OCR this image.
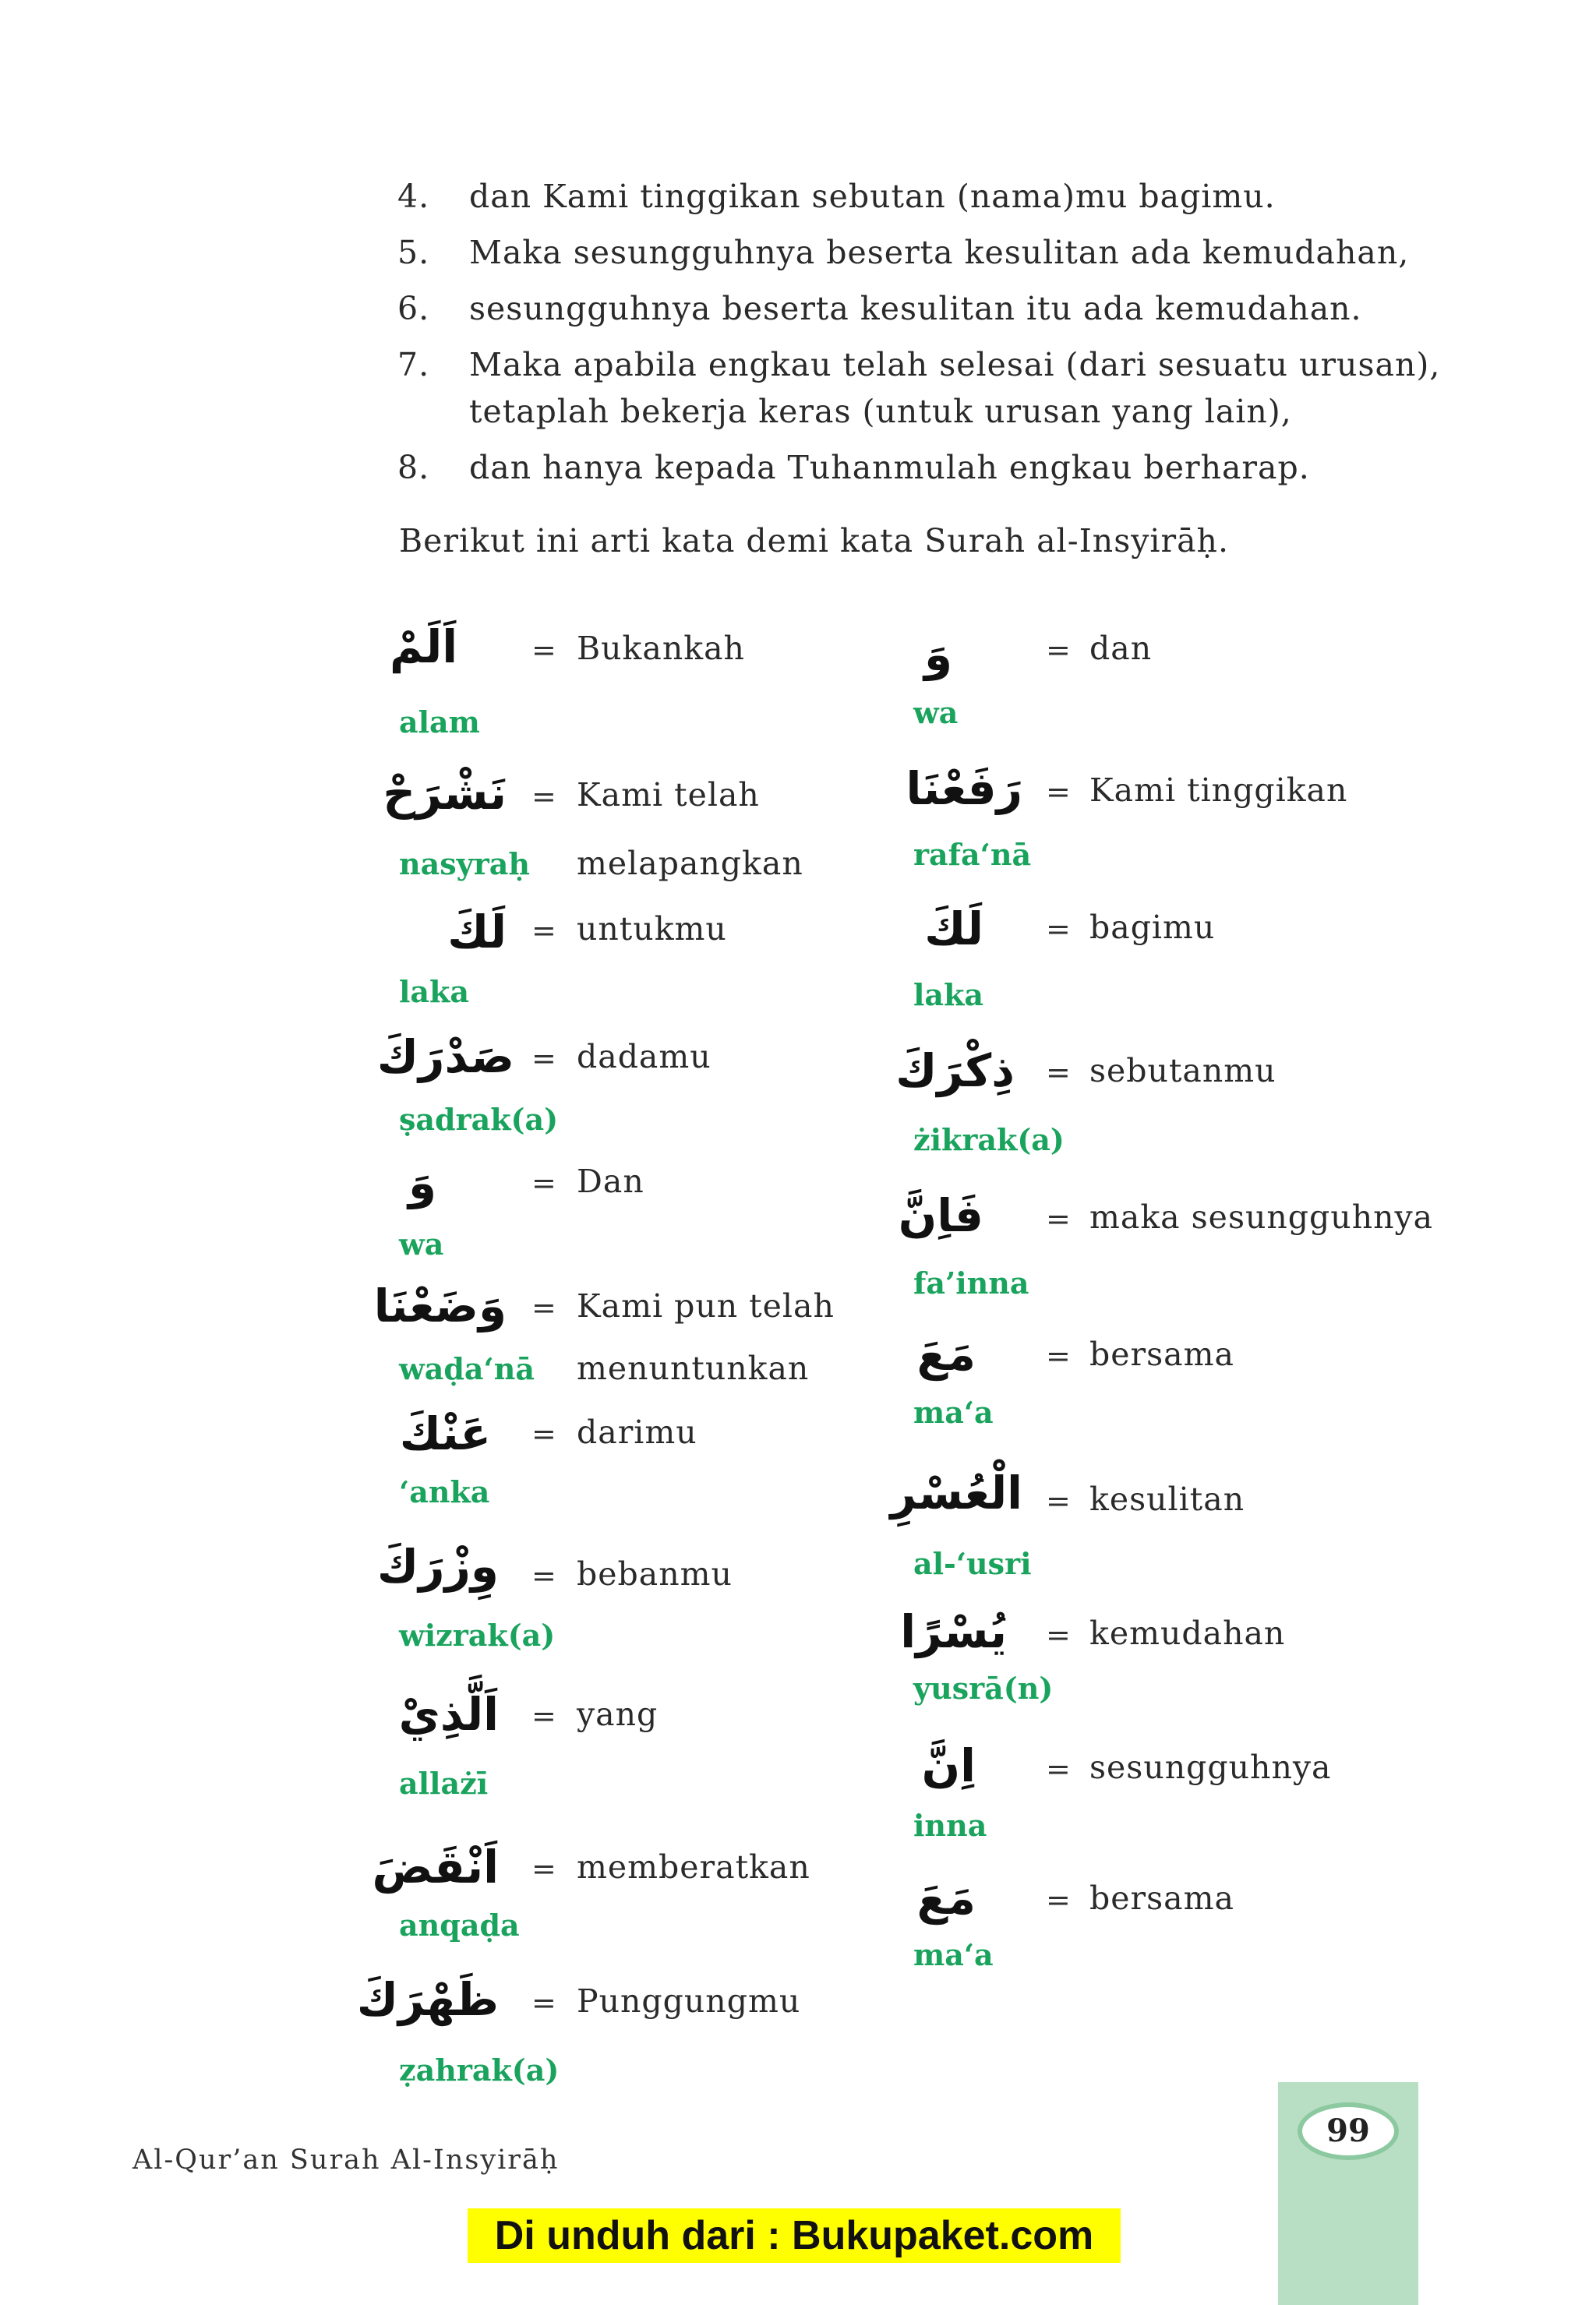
4.	dan Kami tinggikan sebutan (nama)mu bagimu.
5.	Maka sesungguhnya beserta kesulitan ada kemudahan,
6.	sesungguhnya beserta kesulitan itu ada kemudahan.
7.	Maka apabila engkau telah selesai (dari sesuatu urusan),
tetaplah bekerja keras (untuk urusan yang lain),
8.	dan hanya kepada Tuhanmulah engkau berharap.
Berikut ini arti kata demi kata Surah al-Insyirāḥ.
اَلَمْ	= Bukankah
alam
نَشْرَحْ = Kami telah
melapangkan
nasyraḥ
لَكَ = untukmu
laka
صَدْرَكَ = dadamu
ṣadrak(a)
وَ	= Dan
wa
وَضَعْنَا = Kami pun telah
menuntunkan
waḍa‘nā
عَنْكَ = darimu
‘anka
وِزْرَكَ = bebanmu
wizrak(a)
اَلَّذِيْ = yang
allażī
اَنْقَضَ = memberatkan
anqaḍa
ظَهْرَكَ = Punggungmu
ẓahrak(a)
وَ	= dan
wa
رَفَعْنَا = Kami tinggikan
rafa‘nā
لَكَ = bagimu
laka
ذِكْرَكَ = sebutanmu
żikrak(a)
فَاِنَّ = maka sesungguhnya
fa’inna
مَعَ = bersama
ma‘a
الْعُسْرِ = kesulitan
al-‘usri
يُسْرًا = kemudahan
yusrā(n)
اِنَّ = sesungguhnya
inna
مَعَ = bersama
ma‘a
99
Al-Qur’an Surah Al-Insyirāḥ
Di unduh dari : Bukupaket.com
